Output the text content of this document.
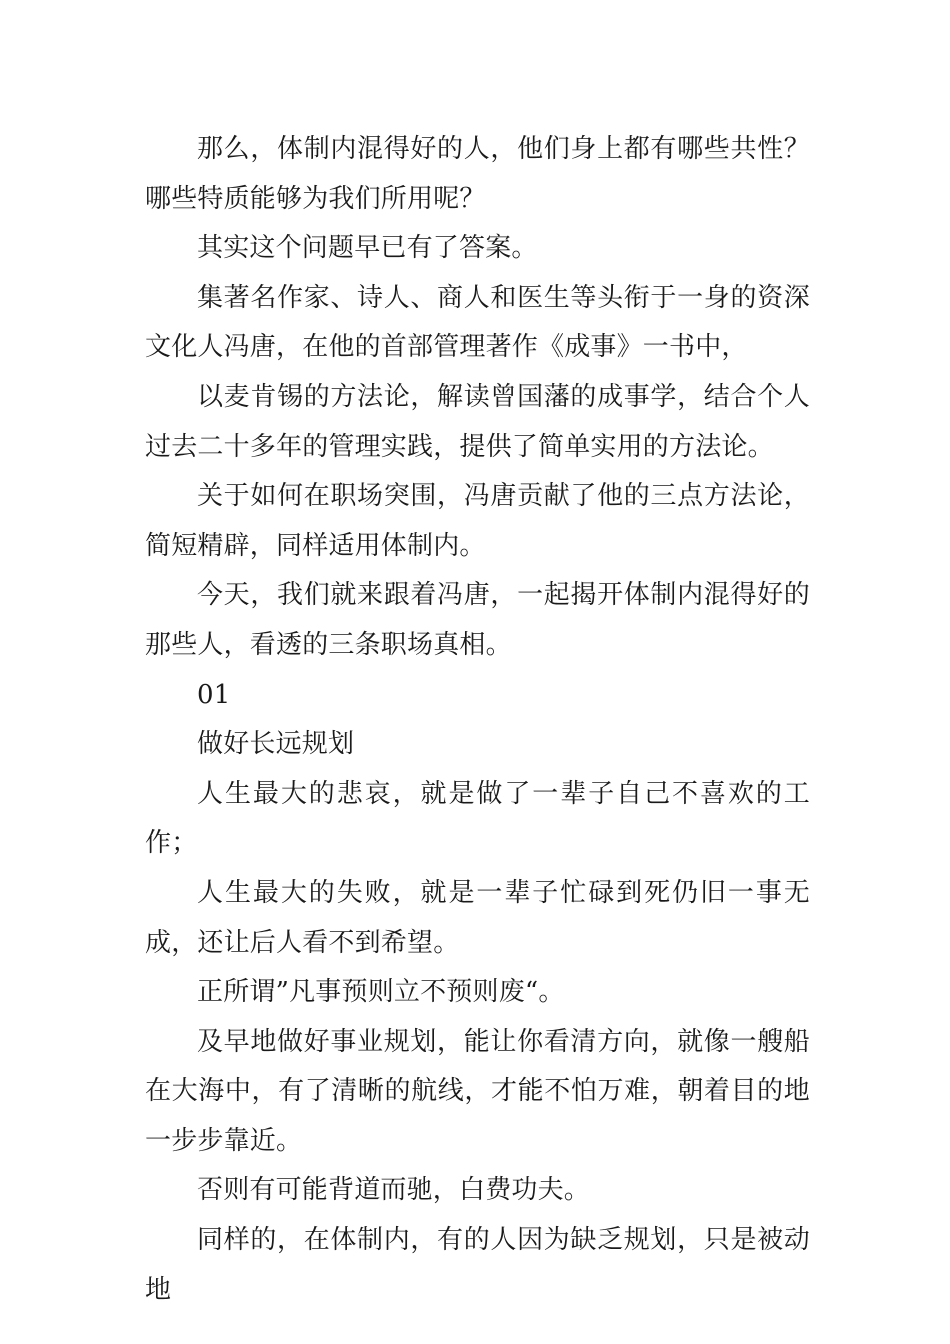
那么，体制内混得好的人，他们身上都有哪些共性？哪些特质能够为我们所用呢？

其实这个问题早已有了答案。

集著名作家、诗人、商人和医生等头衔于一身的资深文化人冯唐，在他的首部管理著作《成事》一书中，

以麦肯锡的方法论，解读曾国藩的成事学，结合个人过去二十多年的管理实践，提供了简单实用的方法论。

关于如何在职场突围，冯唐贡献了他的三点方法论，简短精辟，同样适用体制内。

今天，我们就来跟着冯唐，一起揭开体制内混得好的那些人，看透的三条职场真相。

01

做好长远规划

人生最大的悲哀，就是做了一辈子自己不喜欢的工作；

人生最大的失败，就是一辈子忙碌到死仍旧一事无成，还让后人看不到希望。

正所谓”凡事预则立不预则废“。

及早地做好事业规划，能让你看清方向，就像一艘船在大海中，有了清晰的航线，才能不怕万难，朝着目的地一步步靠近。

否则有可能背道而驰，白费功夫。

同样的，在体制内，有的人因为缺乏规划，只是被动地
